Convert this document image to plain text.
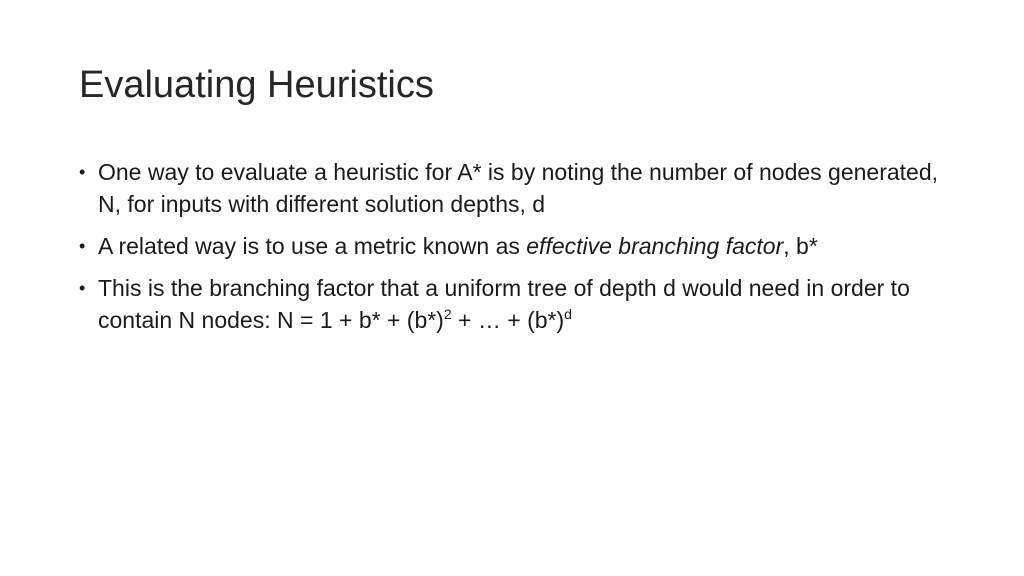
Evaluating Heuristics
• One way to evaluate a heuristic for A* is by noting the number of nodes generated, N, for inputs with different solution depths, d
• A related way is to use a metric known as effective branching factor, b*
• This is the branching factor that a uniform tree of depth d would need in order to contain N nodes: $N = 1 + b* + (b*)^2$ + … + $(b*)^d$
